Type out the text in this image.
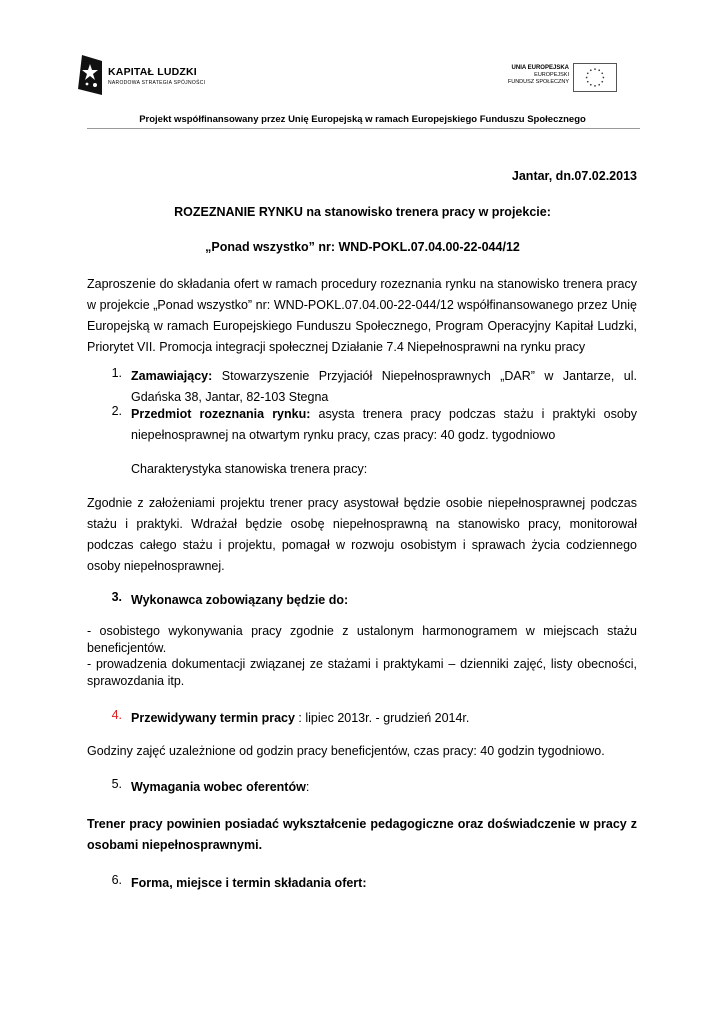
KAPITAŁ LUDZKI
NARODOWA STRATEGIA SPÓJNOŚCI
UNIA EUROPEJSKA
EUROPEJSKI
FUNDUSZ SPOŁECZNY
Projekt współfinansowany przez Unię Europejską w ramach Europejskiego Funduszu Społecznego
Jantar, dn.07.02.2013
ROZEZNANIE RYNKU na stanowisko trenera pracy w projekcie:
„Ponad wszystko” nr: WND-POKL.07.04.00-22-044/12
Zaproszenie do składania ofert w ramach procedury rozeznania rynku na stanowisko trenera pracy w projekcie „Ponad wszystko” nr: WND-POKL.07.04.00-22-044/12 współfinansowanego przez Unię Europejską w ramach Europejskiego Funduszu Społecznego, Program Operacyjny Kapitał Ludzki, Priorytet VII. Promocja integracji społecznej Działanie 7.4 Niepełnosprawni na rynku pracy
1. Zamawiający: Stowarzyszenie Przyjaciół Niepełnosprawnych „DAR” w Jantarze, ul. Gdańska 38, Jantar, 82-103 Stegna
2. Przedmiot rozeznania rynku: asysta trenera pracy podczas stażu i praktyki osoby niepełnosprawnej na otwartym rynku pracy, czas pracy: 40 godz. tygodniowo
Charakterystyka stanowiska trenera pracy:
Zgodnie z założeniami projektu trener pracy asystował będzie osobie niepełnosprawnej podczas stażu i praktyki. Wdrażał będzie osobę niepełnosprawną na stanowisko pracy, monitorował podczas całego stażu i projektu, pomagał w rozwoju osobistym i sprawach życia codziennego osoby niepełnosprawnej.
3. Wykonawca zobowiązany będzie do:
- osobistego wykonywania pracy zgodnie z ustalonym harmonogramem w miejscach stażu beneficjentów.
- prowadzenia dokumentacji związanej ze stażami i praktykami – dzienniki zajęć, listy obecności, sprawozdania itp.
4. Przewidywany termin pracy : lipiec 2013r. - grudzień 2014r.
Godziny zajęć uzależnione od godzin pracy beneficjentów, czas pracy: 40 godzin tygodniowo.
5. Wymagania wobec oferentów:
Trener pracy powinien posiadać wykształcenie pedagogiczne oraz doświadczenie w pracy z osobami niepełnosprawnymi.
6. Forma, miejsce i termin składania ofert:
